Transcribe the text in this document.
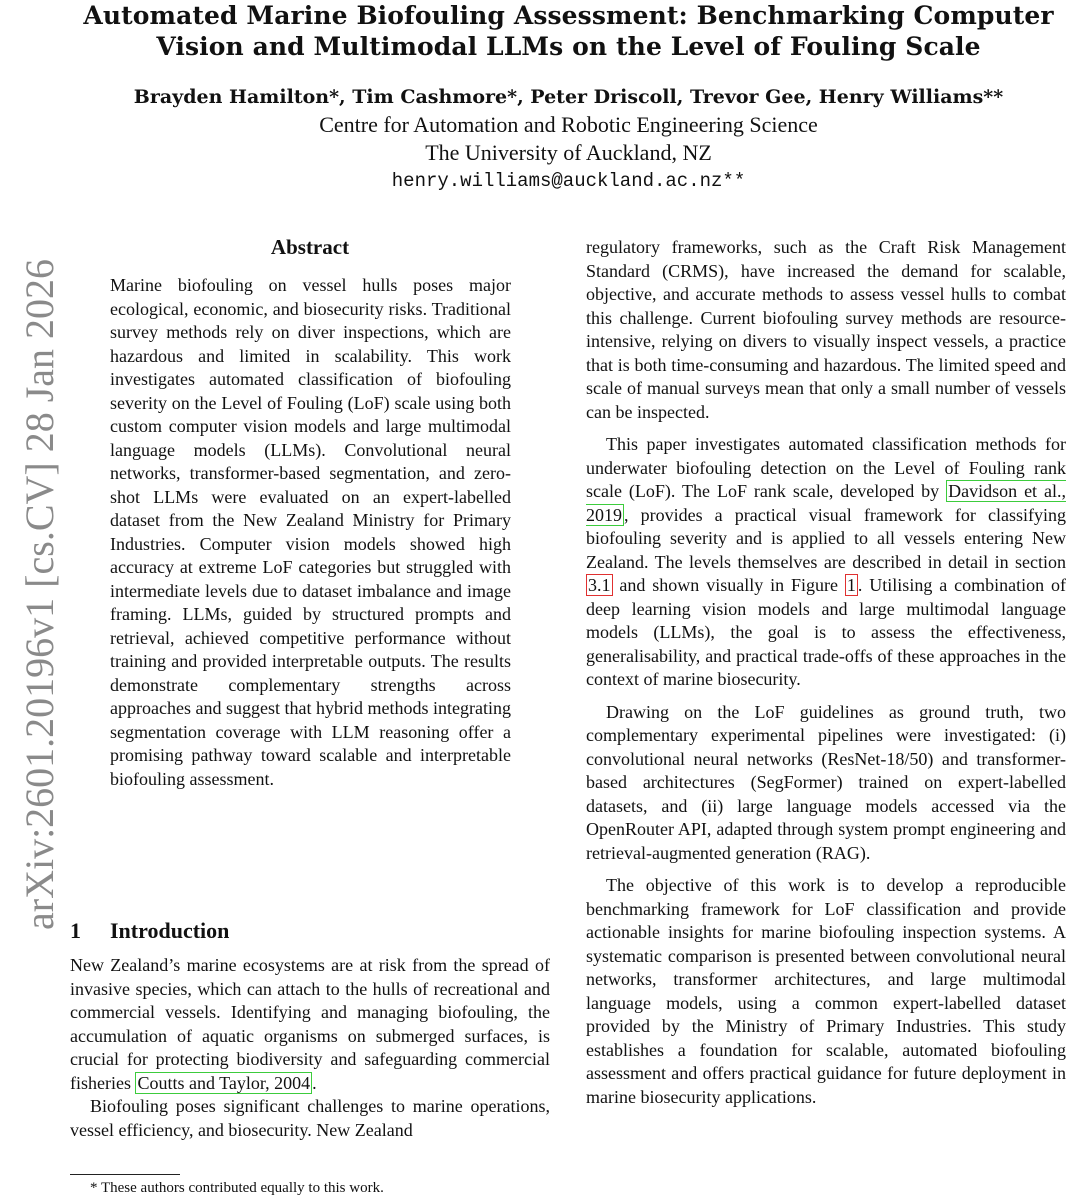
Automated Marine Biofouling Assessment: Benchmarking Computer
Vision and Multimodal LLMs on the Level of Fouling Scale
Brayden Hamilton*, Tim Cashmore*, Peter Driscoll, Trevor Gee, Henry Williams**
Centre for Automation and Robotic Engineering Science
The University of Auckland, NZ
henry.williams@auckland.ac.nz**
arXiv:2601.20196v1 [cs.CV] 28 Jan 2026
Abstract

Marine biofouling on vessel hulls poses major ecological, economic, and biosecurity risks. Traditional survey methods rely on diver inspections, which are hazardous and limited in scalability. This work investigates automated classification of biofouling severity on the Level of Fouling (LoF) scale using both custom computer vision models and large multimodal language models (LLMs). Convolutional neural networks, transformer-based segmentation, and zero-shot LLMs were evaluated on an expert-labelled dataset from the New Zealand Ministry for Primary Industries. Computer vision models showed high accuracy at extreme LoF categories but struggled with intermediate levels due to dataset imbalance and image framing. LLMs, guided by structured prompts and retrieval, achieved competitive performance without training and provided interpretable outputs. The results demonstrate complementary strengths across approaches and suggest that hybrid methods integrating segmentation coverage with LLM reasoning offer a promising pathway toward scalable and interpretable biofouling assessment.

1 Introduction

New Zealand’s marine ecosystems are at risk from the spread of invasive species, which can attach to the hulls of recreational and commercial vessels. Identifying and managing biofouling, the accumulation of aquatic organisms on submerged surfaces, is crucial for protecting biodiversity and safeguarding commercial fisheries Coutts and Taylor, 2004 .

Biofouling poses significant challenges to marine operations, vessel efficiency, and biosecurity. New Zealand

regulatory frameworks, such as the Craft Risk Management Standard (CRMS), have increased the demand for scalable, objective, and accurate methods to assess vessel hulls to combat this challenge. Current biofouling survey methods are resource-intensive, relying on divers to visually inspect vessels, a practice that is both time-consuming and hazardous. The limited speed and scale of manual surveys mean that only a small number of vessels can be inspected.

This paper investigates automated classification methods for underwater biofouling detection on the Level of Fouling rank scale (LoF). The LoF rank scale, developed by Davidson et al., 2019 , provides a practical visual framework for classifying biofouling severity and is applied to all vessels entering New Zealand. The levels themselves are described in detail in section 3.1 and shown visually in Figure 1 . Utilising a combination of deep learning vision models and large multimodal language models (LLMs), the goal is to assess the effectiveness, generalisability, and practical trade-offs of these approaches in the context of marine biosecurity.

Drawing on the LoF guidelines as ground truth, two complementary experimental pipelines were investigated: (i) convolutional neural networks (ResNet-18/50) and transformer-based architectures (SegFormer) trained on expert-labelled datasets, and (ii) large language models accessed via the OpenRouter API, adapted through system prompt engineering and retrieval-augmented generation (RAG).

The objective of this work is to develop a reproducible benchmarking framework for LoF classification and provide actionable insights for marine biofouling inspection systems. A systematic comparison is presented between convolutional neural networks, transformer architectures, and large multimodal language models, using a common expert-labelled dataset provided by the Ministry of Primary Industries. This study establishes a foundation for scalable, automated biofouling assessment and offers practical guidance for future deployment in marine biosecurity applications.

* These authors contributed equally to this work.
